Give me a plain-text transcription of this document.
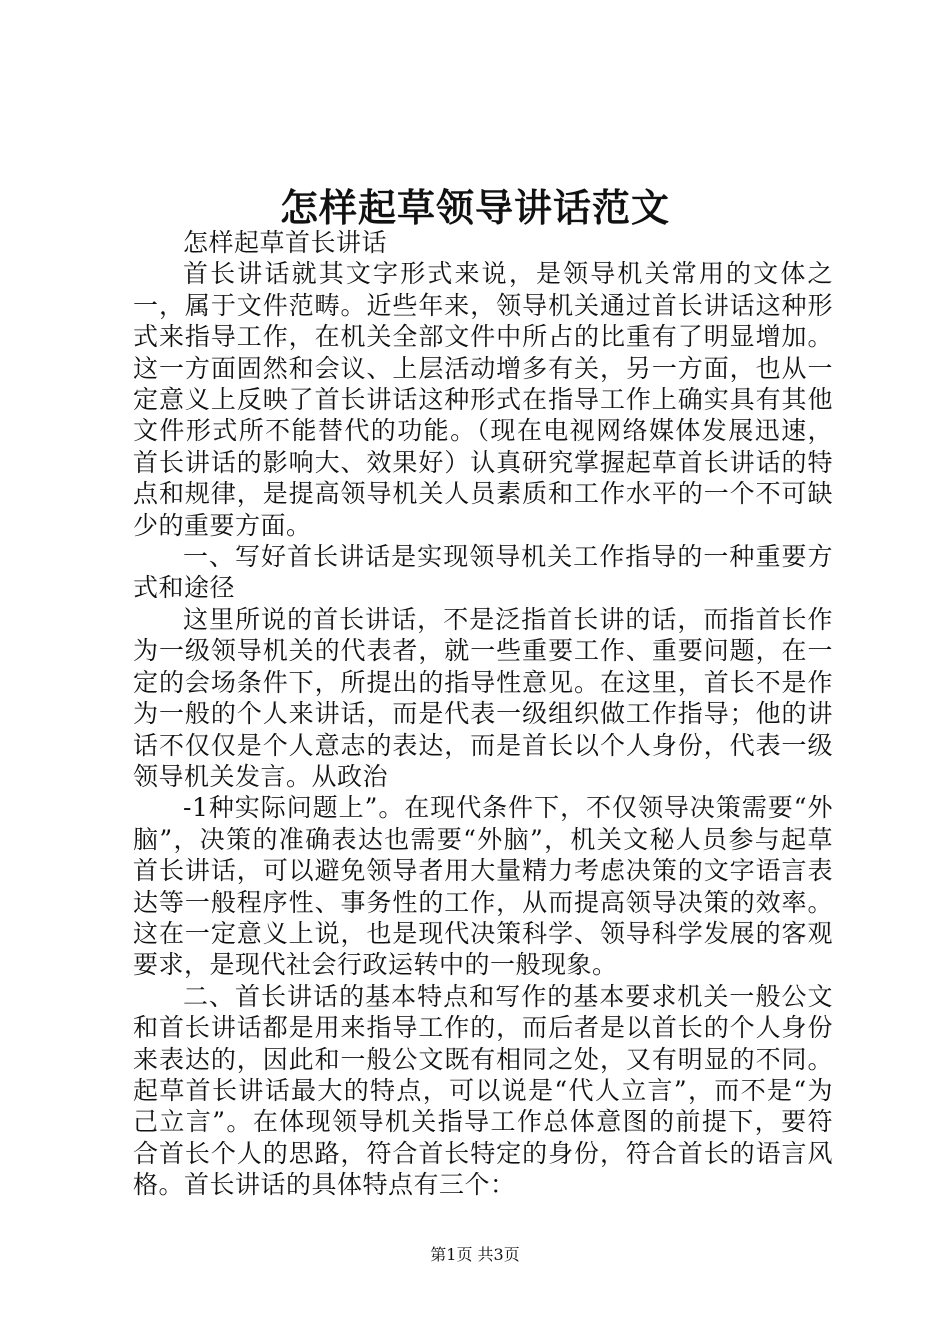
怎样起草领导讲话范文

怎样起草首长讲话

首长讲话就其文字形式来说，是领导机关常用的文体之一，属于文件范畴。近些年来，领导机关通过首长讲话这种形式来指导工作，在机关全部文件中所占的比重有了明显增加。这一方面固然和会议、上层活动增多有关，另一方面，也从一定意义上反映了首长讲话这种形式在指导工作上确实具有其他文件形式所不能替代的功能。（现在电视网络媒体发展迅速，首长讲话的影响大、效果好）认真研究掌握起草首长讲话的特点和规律，是提高领导机关人员素质和工作水平的一个不可缺少的重要方面。

一、写好首长讲话是实现领导机关工作指导的一种重要方式和途径

这里所说的首长讲话，不是泛指首长讲的话，而指首长作为一级领导机关的代表者，就一些重要工作、重要问题，在一定的会场条件下，所提出的指导性意见。在这里，首长不是作为一般的个人来讲话，而是代表一级组织做工作指导；他的讲话不仅仅是个人意志的表达，而是首长以个人身份，代表一级领导机关发言。从政治

-1种实际问题上”。在现代条件下，不仅领导决策需要“外脑”，决策的准确表达也需要“外脑”，机关文秘人员参与起草首长讲话，可以避免领导者用大量精力考虑决策的文字语言表达等一般程序性、事务性的工作，从而提高领导决策的效率。这在一定意义上说，也是现代决策科学、领导科学发展的客观要求，是现代社会行政运转中的一般现象。

二、首长讲话的基本特点和写作的基本要求机关一般公文和首长讲话都是用来指导工作的，而后者是以首长的个人身份来表达的，因此和一般公文既有相同之处，又有明显的不同。起草首长讲话最大的特点，可以说是“代人立言”，而不是“为己立言”。在体现领导机关指导工作总体意图的前提下，要符合首长个人的思路，符合首长特定的身份，符合首长的语言风格。首长讲话的具体特点有三个：

第1页 共3页
